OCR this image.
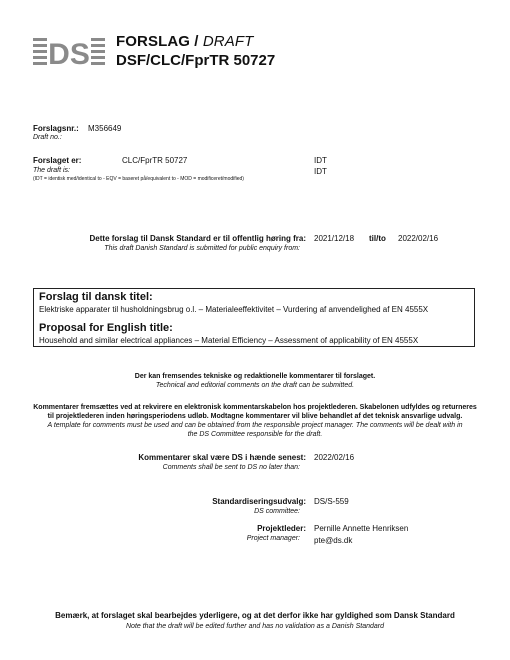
DS FORSLAG / DRAFT
DSF/CLC/FprTR 50727
Forslagsnr.: M356649
Draft no.:
Forslaget er:	CLC/FprTR 50727	IDT
The draft is:	IDT
(IDT = identisk med/identical to - EQV = baseret på/equivalent to - MOD = modificeret/modified)
Dette forslag til Dansk Standard er til offentlig høring fra:
This draft Danish Standard is submitted for public enquiry from:
2021/12/18 til/to 2022/02/16
Forslag til dansk titel:
Elektriske apparater til husholdningsbrug o.l. – Materialeeffektivitet – Vurdering af anvendelighed af EN 4555X
Proposal for English title:
Household and similar electrical appliances – Material Efficiency – Assessment of applicability of EN 4555X
Der kan fremsendes tekniske og redaktionelle kommentarer til forslaget.
Technical and editorial comments on the draft can be submitted.
Kommentarer fremsættes ved at rekvirere en elektronisk kommentarskabelon hos projektlederen. Skabelonen udfyldes og returneres
til projektlederen inden høringsperiodens udløb. Modtagne kommentarer vil blive behandlet af det teknisk ansvarlige udvalg.
A template for comments must be used and can be obtained from the responsible project manager. The comments will be dealt with in
the DS Committee responsible for the draft.
Kommentarer skal være DS i hænde senest:
Comments shall be sent to DS no later than:
2022/02/16
Standardiseringsudvalg:
DS committee:
DS/S-559
Projektleder:
Project manager:
Pernille Annette Henriksen
pte@ds.dk
Bemærk, at forslaget skal bearbejdes yderligere, og at det derfor ikke har gyldighed som Dansk Standard
Note that the draft will be edited further and has no validation as a Danish Standard
